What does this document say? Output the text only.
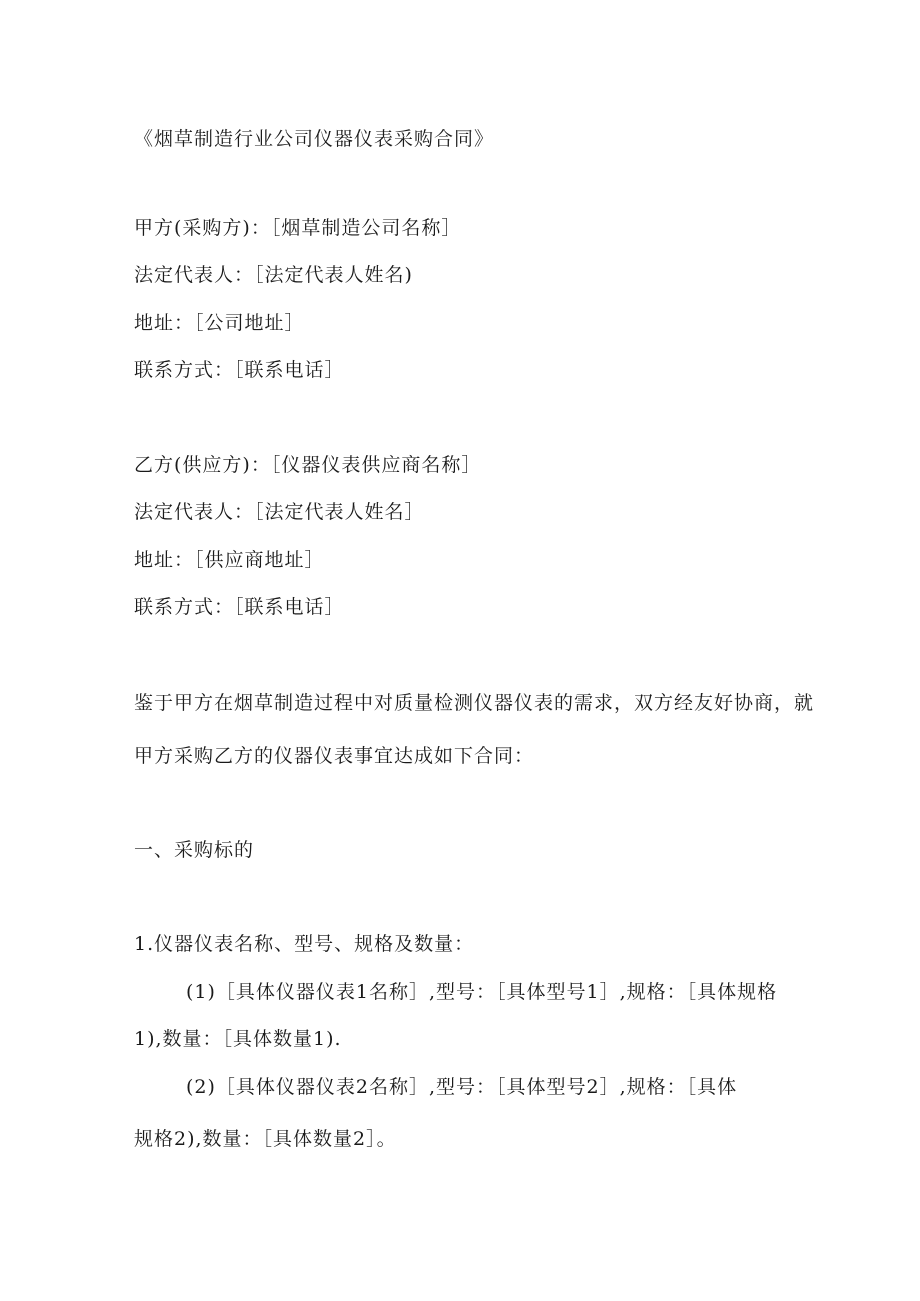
《烟草制造行业公司仪器仪表采购合同》
甲方(采购方)：［烟草制造公司名称］
法定代表人：［法定代表人姓名)
地址：［公司地址］
联系方式：［联系电话］
乙方(供应方)：［仪器仪表供应商名称］
法定代表人：［法定代表人姓名］
地址：［供应商地址］
联系方式：［联系电话］
鉴于甲方在烟草制造过程中对质量检测仪器仪表的需求，双方经友好协商，就
甲方采购乙方的仪器仪表事宜达成如下合同：
一、采购标的
1.仪器仪表名称、型号、规格及数量：
(1)［具体仪器仪表1名称］,型号：［具体型号1］,规格：［具体规格
1),数量：［具体数量1).
(2)［具体仪器仪表2名称］,型号：［具体型号2］,规格：［具体
规格2),数量：［具体数量2］。
